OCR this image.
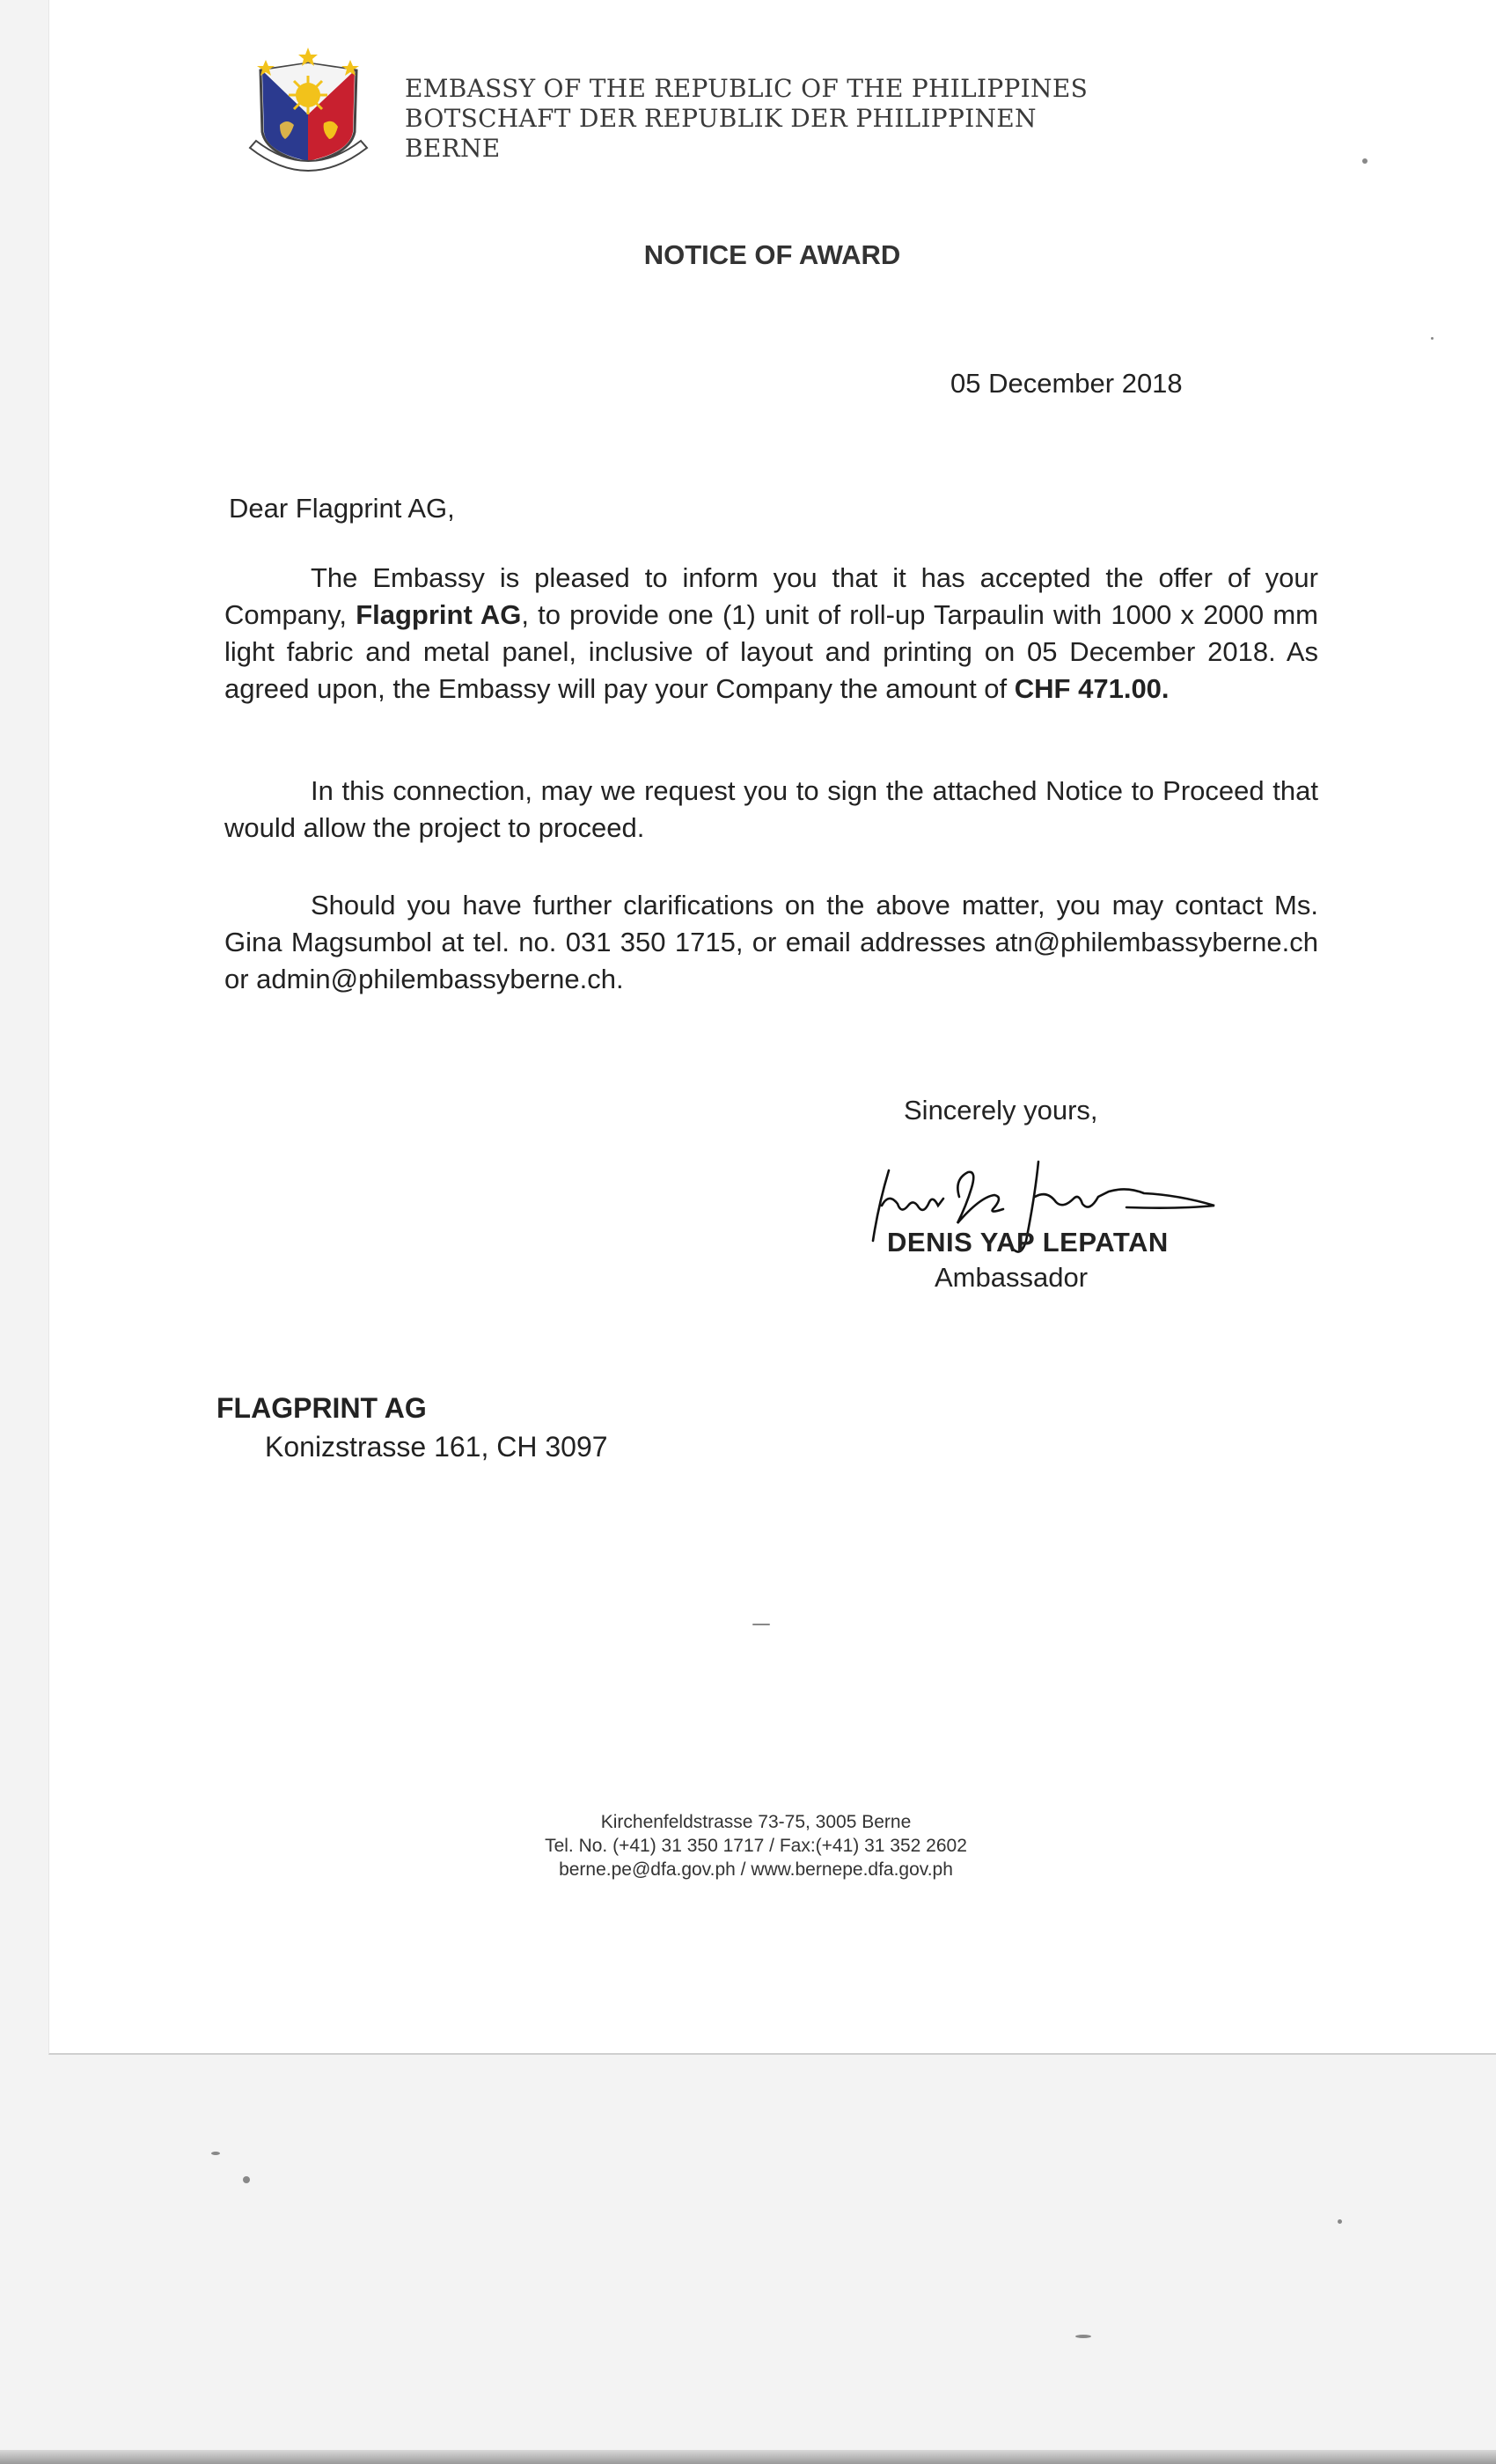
EMBASSY OF THE REPUBLIC OF THE PHILIPPINES
BOTSCHAFT DER REPUBLIK DER PHILIPPINEN
BERNE
NOTICE OF AWARD
05 December 2018
Dear Flagprint AG,
The Embassy is pleased to inform you that it has accepted the offer of your Company, Flagprint AG, to provide one (1) unit of roll-up Tarpaulin with 1000 x 2000 mm light fabric and metal panel, inclusive of layout and printing on 05 December 2018. As agreed upon, the Embassy will pay your Company the amount of CHF 471.00.
In this connection, may we request you to sign the attached Notice to Proceed that would allow the project to proceed.
Should you have further clarifications on the above matter, you may contact Ms. Gina Magsumbol at tel. no. 031 350 1715, or email addresses atn@philembassyberne.ch or admin@philembassyberne.ch.
Sincerely yours,
DENIS YAP LEPATAN
Ambassador
FLAGPRINT AG
Konizstrasse 161, CH 3097
Kirchenfeldstrasse 73-75, 3005 Berne
Tel. No. (+41) 31 350 1717 / Fax:(+41) 31 352 2602
berne.pe@dfa.gov.ph / www.bernepe.dfa.gov.ph
